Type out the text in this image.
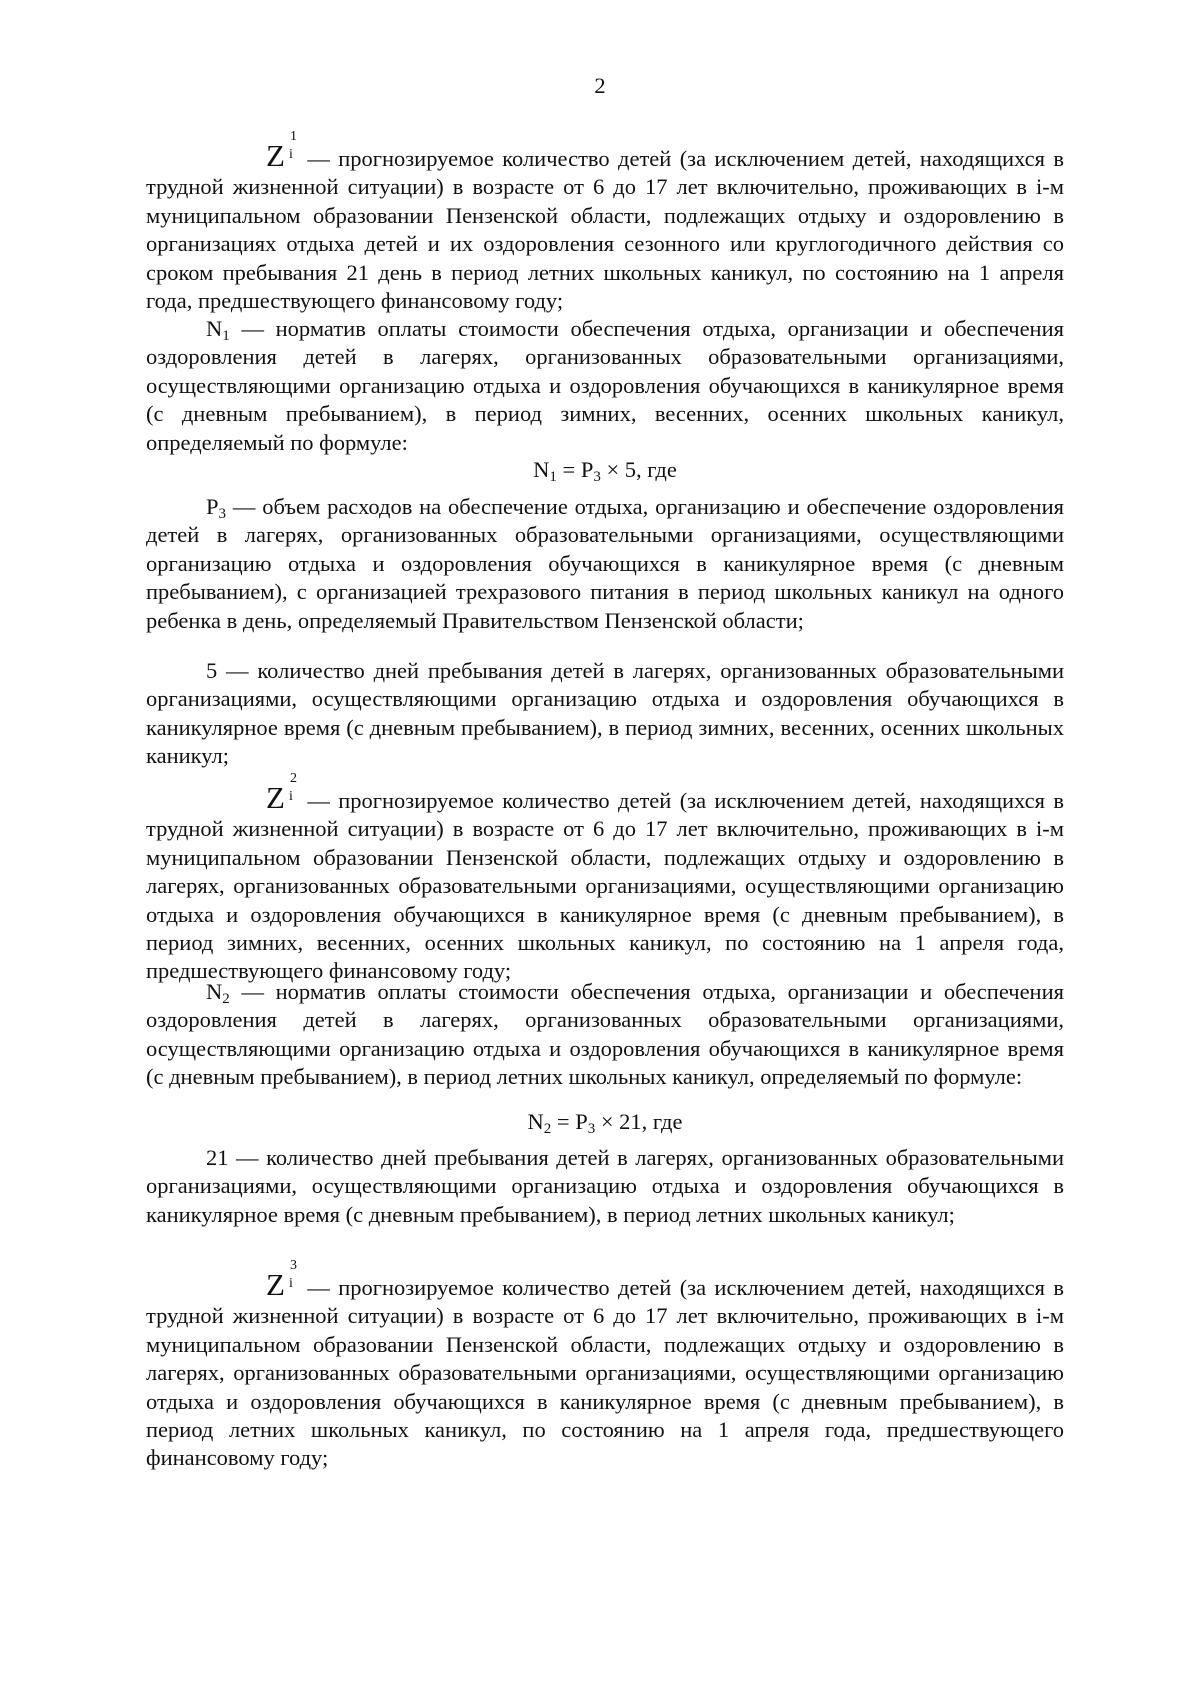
2

Z
1
i — прогнозируемое количество детей (за исключением детей, находящихся в трудной жизненной ситуации) в возрасте от 6 до 17 лет включительно, проживающих в i-м муниципальном образовании Пензенской области, подлежащих отдыху и оздоровлению в организациях отдыха детей и их оздоровления сезонного или круглогодичного действия со сроком пребывания 21 день в период летних школьных каникул, по состоянию на 1 апреля года, предшествующего финансовому году;

$N_1$ — норматив оплаты стоимости обеспечения отдыха, организации и обеспечения оздоровления детей в лагерях, организованных образовательными организациями, осуществляющими организацию отдыха и оздоровления обучающихся в каникулярное время (с дневным пребыванием), в период зимних, весенних, осенних школьных каникул, определяемый по формуле:

$N_1 = P_3 \times 5$, где

$P_3$ — объем расходов на обеспечение отдыха, организацию и обеспечение оздоровления детей в лагерях, организованных образовательными организациями, осуществляющими организацию отдыха и оздоровления обучающихся в каникулярное время (с дневным пребыванием), с организацией трехразового питания в период школьных каникул на одного ребенка в день, определяемый Правительством Пензенской области;

5 — количество дней пребывания детей в лагерях, организованных образовательными организациями, осуществляющими организацию отдыха и оздоровления обучающихся в каникулярное время (с дневным пребыванием), в период зимних, весенних, осенних школьных каникул;

Z
2
i — прогнозируемое количество детей (за исключением детей, находящихся в трудной жизненной ситуации) в возрасте от 6 до 17 лет включительно, проживающих в i-м муниципальном образовании Пензенской области, подлежащих отдыху и оздоровлению в лагерях, организованных образовательными организациями, осуществляющими организацию отдыха и оздоровления обучающихся в каникулярное время (с дневным пребыванием), в период зимних, весенних, осенних школьных каникул, по состоянию на 1 апреля года, предшествующего финансовому году;

$N_2$ — норматив оплаты стоимости обеспечения отдыха, организации и обеспечения оздоровления детей в лагерях, организованных образовательными организациями, осуществляющими организацию отдыха и оздоровления обучающихся в каникулярное время (с дневным пребыванием), в период летних школьных каникул, определяемый по формуле:

$N_2 = P_3 \times 21$, где

21 — количество дней пребывания детей в лагерях, организованных образовательными организациями, осуществляющими организацию отдыха и оздоровления обучающихся в каникулярное время (с дневным пребыванием), в период летних школьных каникул;

Z
3
i — прогнозируемое количество детей (за исключением детей, находящихся в трудной жизненной ситуации) в возрасте от 6 до 17 лет включительно, проживающих в i-м муниципальном образовании Пензенской области, подлежащих отдыху и оздоровлению в лагерях, организованных образовательными организациями, осуществляющими организацию отдыха и оздоровления обучающихся в каникулярное время (с дневным пребыванием), в период летних школьных каникул, по состоянию на 1 апреля года, предшествующего финансовому году;
